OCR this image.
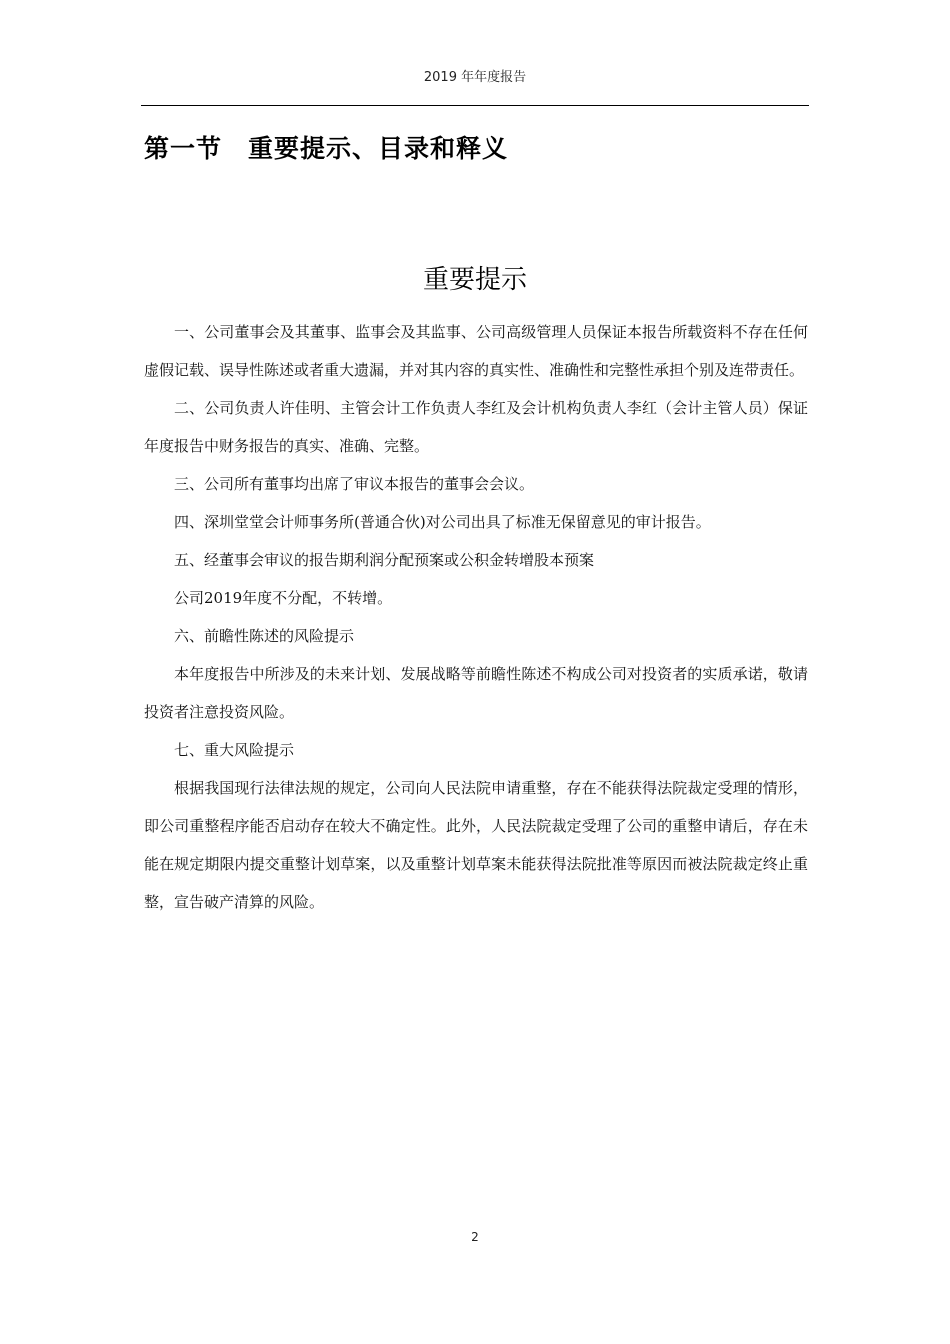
2019 年年度报告
第一节　重要提示、目录和释义
重要提示

一、公司董事会及其董事、监事会及其监事、公司高级管理人员保证本报告所载资料不存在任何虚假记载、误导性陈述或者重大遗漏，并对其内容的真实性、准确性和完整性承担个别及连带责任。

二、公司负责人许佳明、主管会计工作负责人李红及会计机构负责人李红（会计主管人员）保证年度报告中财务报告的真实、准确、完整。

三、公司所有董事均出席了审议本报告的董事会会议。

四、深圳堂堂会计师事务所(普通合伙)对公司出具了标准无保留意见的审计报告。

五、经董事会审议的报告期利润分配预案或公积金转增股本预案

公司2019年度不分配，不转增。

六、前瞻性陈述的风险提示

本年度报告中所涉及的未来计划、发展战略等前瞻性陈述不构成公司对投资者的实质承诺，敬请投资者注意投资风险。

七、重大风险提示

根据我国现行法律法规的规定，公司向人民法院申请重整，存在不能获得法院裁定受理的情形，即公司重整程序能否启动存在较大不确定性。此外，人民法院裁定受理了公司的重整申请后，存在未能在规定期限内提交重整计划草案，以及重整计划草案未能获得法院批准等原因而被法院裁定终止重整，宣告破产清算的风险。

2
